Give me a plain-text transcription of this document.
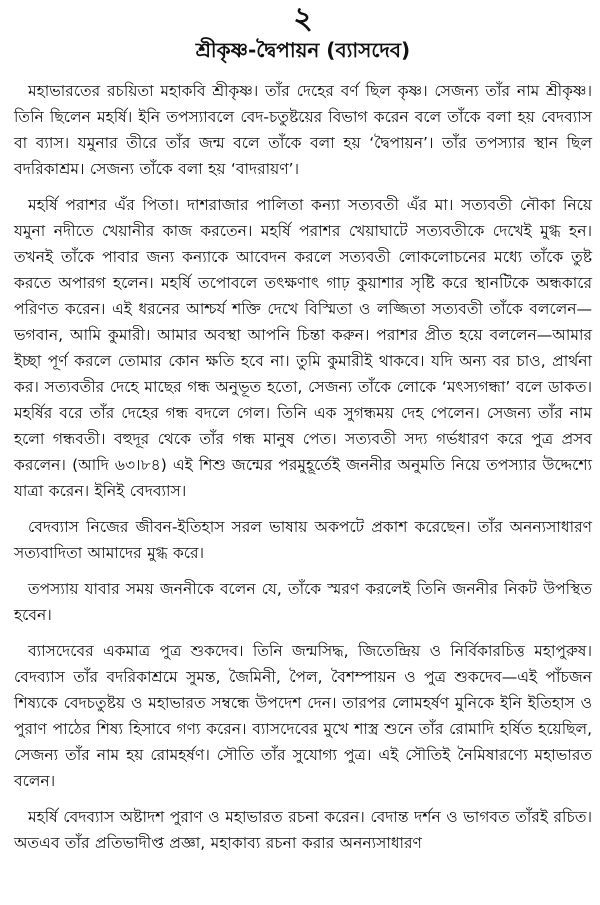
২
শ্রীকৃষ্ণ-দ্বৈপায়ন (ব্যাসদেব)

মহাভারতের রচয়িতা মহাকবি শ্রীকৃষ্ণ। তাঁর দেহের বর্ণ ছিল কৃষ্ণ। সেজন্য তাঁর নাম শ্রীকৃষ্ণ। তিনি ছিলেন মহর্ষি। ইনি তপস্যাবলে বেদ-চতুষ্টয়ের বিভাগ করেন বলে তাঁকে বলা হয় বেদব্যাস বা ব্যাস। যমুনার তীরে তাঁর জন্ম বলে তাঁকে বলা হয় ‘দ্বৈপায়ন’। তাঁর তপস্যার স্থান ছিল বদরিকাশ্রম। সেজন্য তাঁকে বলা হয় ‘বাদরায়ণ’।

মহর্ষি পরাশর এঁর পিতা। দাশরাজার পালিতা কন্যা সত্যবতী এঁর মা। সত্যবতী নৌকা নিয়ে যমুনা নদীতে খেয়ানীর কাজ করতেন। মহর্ষি পরাশর খেয়াঘাটে সত্যবতীকে দেখেই মুগ্ধ হন। তখনই তাঁকে পাবার জন্য কন্যাকে আবেদন করলে সত্যবতী লোকলোচনের মধ্যে তাঁকে তুষ্ট করতে অপারগ হলেন। মহর্ষি তপোবলে তৎক্ষণাৎ গাঢ় কুয়াশার সৃষ্টি করে স্থানটিকে অন্ধকারে পরিণত করেন। এই ধরনের আশ্চর্য শক্তি দেখে বিস্মিতা ও লজ্জিতা সত্যবতী তাঁকে বললেন—ভগবান, আমি কুমারী। আমার অবস্থা আপনি চিন্তা করুন। পরাশর প্রীত হয়ে বললেন—আমার ইচ্ছা পূর্ণ করলে তোমার কোন ক্ষতি হবে না। তুমি কুমারীই থাকবে। যদি অন্য বর চাও, প্রার্থনা কর। সত্যবতীর দেহে মাছের গন্ধ অনুভূত হতো, সেজন্য তাঁকে লোকে ‘মৎস্যগন্ধা’ বলে ডাকত। মহর্ষির বরে তাঁর দেহের গন্ধ বদলে গেল। তিনি এক সুগন্ধময় দেহ পেলেন। সেজন্য তাঁর নাম হলো গন্ধবতী। বহুদূর থেকে তাঁর গন্ধ মানুষ পেত। সত্যবতী সদ্য গর্ভধারণ করে পুত্র প্রসব করলেন। (আদি ৬৩।৮৪) এই শিশু জন্মের পরমুহূর্তেই জননীর অনুমতি নিয়ে তপস্যার উদ্দেশ্যে যাত্রা করেন। ইনিই বেদব্যাস।

বেদব্যাস নিজের জীবন-ইতিহাস সরল ভাষায় অকপটে প্রকাশ করেছেন। তাঁর অনন্যসাধারণ সত্যবাদিতা আমাদের মুগ্ধ করে।

তপস্যায় যাবার সময় জননীকে বলেন যে, তাঁকে স্মরণ করলেই তিনি জননীর নিকট উপস্থিত হবেন।

ব্যাসদেবের একমাত্র পুত্র শুকদেব। তিনি জন্মসিদ্ধ, জিতেন্দ্রিয় ও নির্বিকারচিত্ত মহাপুরুষ। বেদব্যাস তাঁর বদরিকাশ্রমে সুমন্ত, জৈমিনী, পৈল, বৈশম্পায়ন ও পুত্র শুকদেব—এই পাঁচজন শিষ্যকে বেদচতুষ্টয় ও মহাভারত সম্বন্ধে উপদেশ দেন। তারপর লোমহর্ষণ মুনিকে ইনি ইতিহাস ও পুরাণ পাঠের শিষ্য হিসাবে গণ্য করেন। ব্যাসদেবের মুখে শাস্ত্র শুনে তাঁর রোমাদি হর্ষিত হয়েছিল, সেজন্য তাঁর নাম হয় রোমহর্ষণ। সৌতি তাঁর সুযোগ্য পুত্র। এই সৌতিই নৈমিষারণ্যে মহাভারত বলেন।

মহর্ষি বেদব্যাস অষ্টাদশ পুরাণ ও মহাভারত রচনা করেন। বেদান্ত দর্শন ও ভাগবত তাঁরই রচিত। অতএব তাঁর প্রতিভাদীপ্ত প্রজ্ঞা, মহাকাব্য রচনা করার অনন্যসাধারণ
